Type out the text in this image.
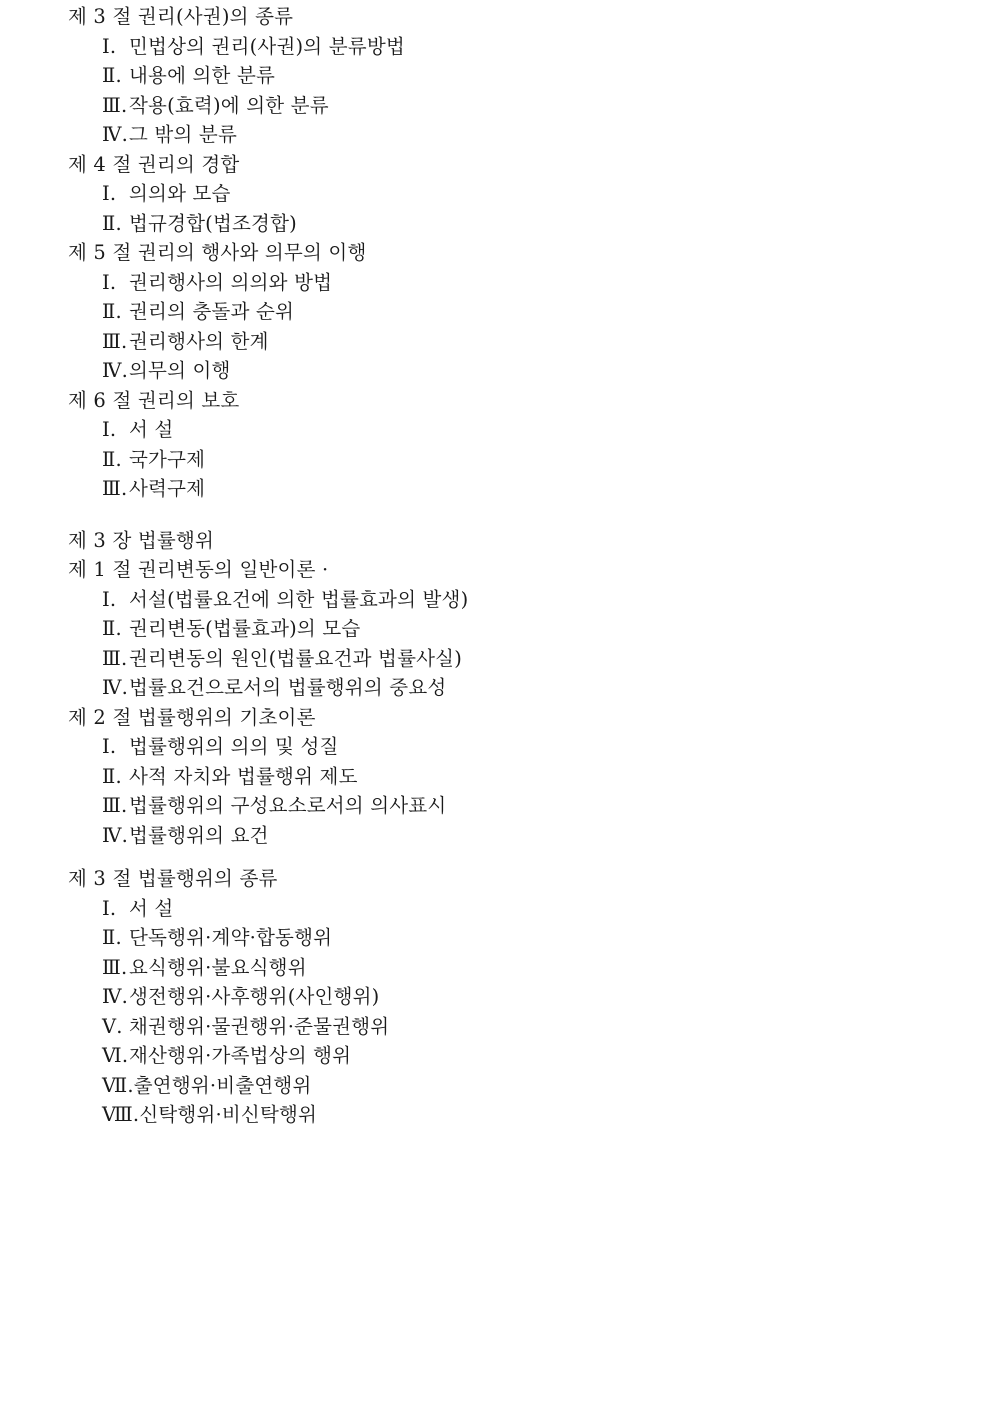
제 3 절 권리(사권)의 종류
Ⅰ. 민법상의 권리(사권)의 분류방법
Ⅱ. 내용에 의한 분류
Ⅲ.작용(효력)에 의한 분류
Ⅳ.그 밖의 분류
제 4 절 권리의 경합
Ⅰ. 의의와 모습
Ⅱ. 법규경합(법조경합)
제 5 절 권리의 행사와 의무의 이행
Ⅰ. 권리행사의 의의와 방법
Ⅱ. 권리의 충돌과 순위
Ⅲ.권리행사의 한계
Ⅳ.의무의 이행
제 6 절 권리의 보호
Ⅰ. 서 설
Ⅱ. 국가구제
Ⅲ.사력구제
제 3 장 법률행위
제 1 절 권리변동의 일반이론 ·
Ⅰ. 서설(법률요건에 의한 법률효과의 발생)
Ⅱ. 권리변동(법률효과)의 모습
Ⅲ.권리변동의 원인(법률요건과 법률사실)
Ⅳ.법률요건으로서의 법률행위의 중요성
제 2 절 법률행위의 기초이론
Ⅰ. 법률행위의 의의 및 성질
Ⅱ. 사적 자치와 법률행위 제도
Ⅲ.법률행위의 구성요소로서의 의사표시
Ⅳ.법률행위의 요건
제 3 절 법률행위의 종류
Ⅰ. 서 설
Ⅱ. 단독행위·계약·합동행위
Ⅲ.요식행위·불요식행위
Ⅳ.생전행위·사후행위(사인행위)
Ⅴ. 채권행위·물권행위·준물권행위
Ⅵ.재산행위·가족법상의 행위
Ⅶ.출연행위·비출연행위
Ⅷ.신탁행위·비신탁행위
